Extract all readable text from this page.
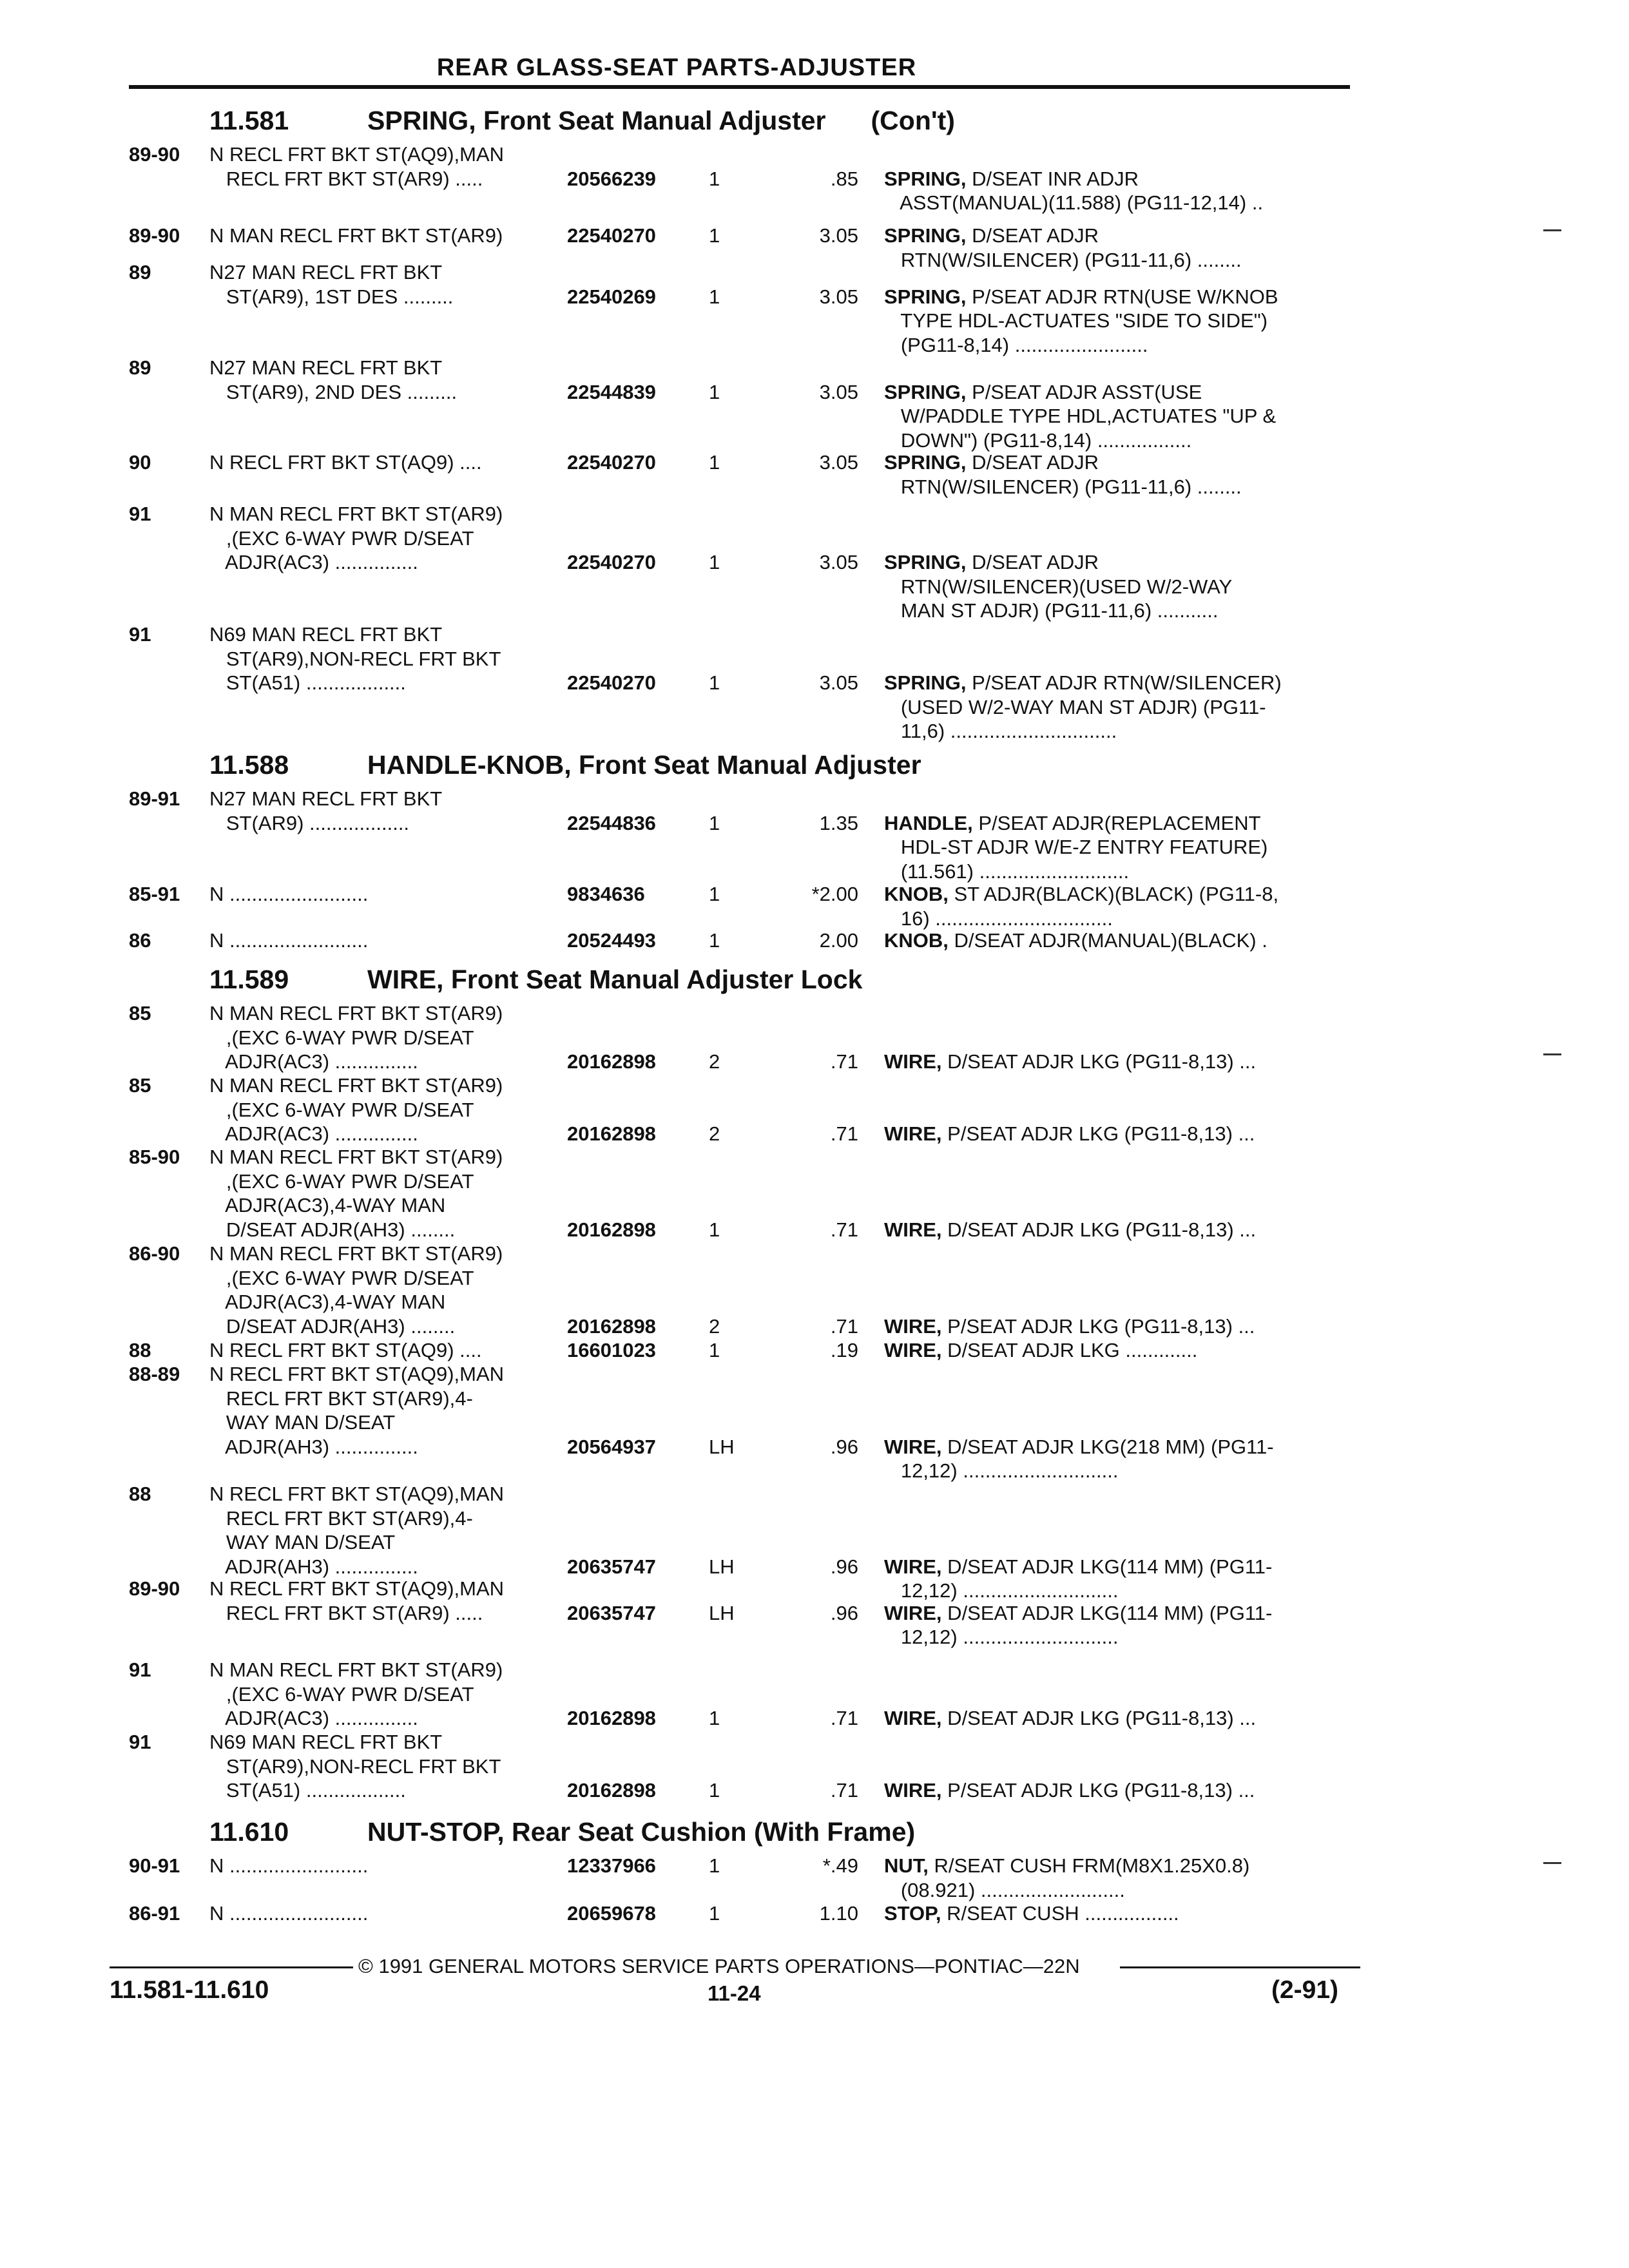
REAR GLASS-SEAT PARTS-ADJUSTER
11.581	SPRING, Front Seat Manual Adjuster (Con't)
89-90 N RECL FRT BKT ST(AQ9),MAN
RECL FRT BKT ST(AR9) .....	20566239	1	.85 SPRING, D/SEAT INR ADJR
ASST(MANUAL)(11.588) (PG11-12,14) ..
89-90 N MAN RECL FRT BKT ST(AR9)	22540270	1	3.05 SPRING, D/SEAT ADJR
RTN(W/SILENCER) (PG11-11,6) ........
89	N27 MAN RECL FRT BKT
ST(AR9), 1ST DES .........	22540269	1	3.05 SPRING, P/SEAT ADJR RTN(USE W/KNOB
TYPE HDL-ACTUATES "SIDE TO SIDE")
(PG11-8,14) ........................
89	N27 MAN RECL FRT BKT
ST(AR9), 2ND DES .........	22544839	1	3.05 SPRING, P/SEAT ADJR ASST(USE
W/PADDLE TYPE HDL,ACTUATES "UP &
DOWN") (PG11-8,14) .................
90	N RECL FRT BKT ST(AQ9) ....	22540270	1	3.05 SPRING, D/SEAT ADJR
RTN(W/SILENCER) (PG11-11,6) ........
91	N MAN RECL FRT BKT ST(AR9)
,(EXC 6-WAY PWR D/SEAT
ADJR(AC3) ...............	22540270	1	3.05 SPRING, D/SEAT ADJR
RTN(W/SILENCER)(USED W/2-WAY
MAN ST ADJR) (PG11-11,6) ...........
91	N69 MAN RECL FRT BKT
ST(AR9),NON-RECL FRT BKT
ST(A51) ..................	22540270	1	3.05 SPRING, P/SEAT ADJR RTN(W/SILENCER)
(USED W/2-WAY MAN ST ADJR) (PG11-
11,6) ..............................
11.588	HANDLE-KNOB, Front Seat Manual Adjuster
89-91 N27 MAN RECL FRT BKT
ST(AR9) ..................	22544836	1	1.35 HANDLE, P/SEAT ADJR(REPLACEMENT
HDL-ST ADJR W/E-Z ENTRY FEATURE)
(11.561) ...........................
85-91 N .........................	9834636	1	*2.00 KNOB, ST ADJR(BLACK)(BLACK) (PG11-8,
16) ................................
86	N .........................	20524493	1	2.00 KNOB, D/SEAT ADJR(MANUAL)(BLACK) .
11.589	WIRE, Front Seat Manual Adjuster Lock
85	N MAN RECL FRT BKT ST(AR9)
,(EXC 6-WAY PWR D/SEAT
ADJR(AC3) ...............	20162898	2	.71 WIRE, D/SEAT ADJR LKG (PG11-8,13) ...
85	N MAN RECL FRT BKT ST(AR9)
,(EXC 6-WAY PWR D/SEAT
ADJR(AC3) ...............	20162898	2	.71 WIRE, P/SEAT ADJR LKG (PG11-8,13) ...
85-90 N MAN RECL FRT BKT ST(AR9)
,(EXC 6-WAY PWR D/SEAT
ADJR(AC3),4-WAY MAN
D/SEAT ADJR(AH3) ........	20162898	1	.71 WIRE, D/SEAT ADJR LKG (PG11-8,13) ...
86-90 N MAN RECL FRT BKT ST(AR9)
,(EXC 6-WAY PWR D/SEAT
ADJR(AC3),4-WAY MAN
D/SEAT ADJR(AH3) ........	20162898	2	.71 WIRE, P/SEAT ADJR LKG (PG11-8,13) ...
88	N RECL FRT BKT ST(AQ9) ....	16601023	1	.19 WIRE, D/SEAT ADJR LKG .............
88-89 N RECL FRT BKT ST(AQ9),MAN
RECL FRT BKT ST(AR9),4-
WAY MAN D/SEAT
ADJR(AH3) ...............	20564937	LH	.96 WIRE, D/SEAT ADJR LKG(218 MM) (PG11-
12,12) ............................
88	N RECL FRT BKT ST(AQ9),MAN
RECL FRT BKT ST(AR9),4-
WAY MAN D/SEAT
ADJR(AH3) ...............	20635747	LH	.96 WIRE, D/SEAT ADJR LKG(114 MM) (PG11-
12,12) ............................
89-90 N RECL FRT BKT ST(AQ9),MAN
RECL FRT BKT ST(AR9) .....	20635747	LH	.96 WIRE, D/SEAT ADJR LKG(114 MM) (PG11-
12,12) ............................
91	N MAN RECL FRT BKT ST(AR9)
,(EXC 6-WAY PWR D/SEAT
ADJR(AC3) ...............	20162898	1	.71 WIRE, D/SEAT ADJR LKG (PG11-8,13) ...
91	N69 MAN RECL FRT BKT
ST(AR9),NON-RECL FRT BKT
ST(A51) ..................	20162898	1	.71 WIRE, P/SEAT ADJR LKG (PG11-8,13) ...
11.610	NUT-STOP, Rear Seat Cushion (With Frame)
90-91 N .........................	12337966	1	*.49 NUT, R/SEAT CUSH FRM(M8X1.25X0.8)
(08.921) ..........................
86-91 N .........................	20659678	1	1.10 STOP, R/SEAT CUSH .................
© 1991 GENERAL MOTORS SERVICE PARTS OPERATIONS—PONTIAC—22N
11.581-11.610	11-24	(2-91)
